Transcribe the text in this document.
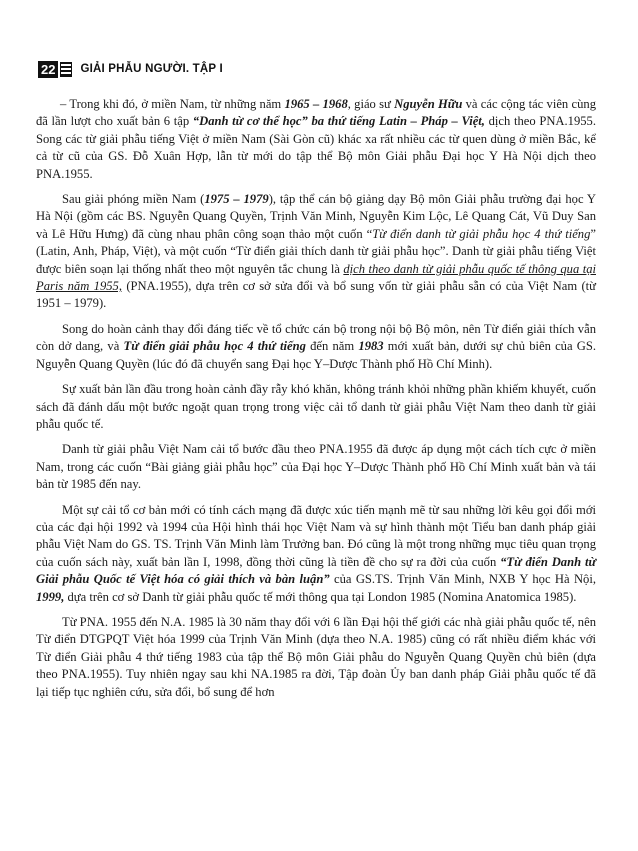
22 GIẢI PHẪU NGƯỜI. TẬP I

– Trong khi đó, ở miền Nam, từ những năm 1965 – 1968, giáo sư Nguyễn Hữu và các cộng tác viên cùng đã lần lượt cho xuất bản 6 tập “Danh từ cơ thể học” ba thứ tiếng Latin – Pháp – Việt, dịch theo PNA.1955. Song các từ giải phẫu tiếng Việt ở miền Nam (Sài Gòn cũ) khác xa rất nhiều các từ quen dùng ở miền Bắc, kể cả từ cũ của GS. Đỗ Xuân Hợp, lẫn từ mới do tập thể Bộ môn Giải phẫu Đại học Y Hà Nội dịch theo PNA.1955.

Sau giải phóng miền Nam (1975 – 1979), tập thể cán bộ giảng dạy Bộ môn Giải phẫu trường đại học Y Hà Nội (gồm các BS. Nguyễn Quang Quyền, Trịnh Văn Minh, Nguyễn Kim Lộc, Lê Quang Cát, Vũ Duy San và Lê Hữu Hưng) đã cùng nhau phân công soạn thảo một cuốn “Từ điển danh từ giải phẫu học 4 thứ tiếng” (Latin, Anh, Pháp, Việt), và một cuốn “Từ điển giải thích danh từ giải phẫu học”. Danh từ giải phẫu tiếng Việt được biên soạn lại thống nhất theo một nguyên tắc chung là dịch theo danh từ giải phẫu quốc tế thông qua tại Paris năm 1955, (PNA.1955), dựa trên cơ sở sửa đổi và bổ sung vốn từ giải phẫu sẵn có của Việt Nam (từ 1951 – 1979).

Song do hoàn cảnh thay đổi đáng tiếc về tổ chức cán bộ trong nội bộ Bộ môn, nên Từ điển giải thích vẫn còn dở dang, và Từ điển giải phẫu học 4 thứ tiếng đến năm 1983 mới xuất bản, dưới sự chủ biên của GS. Nguyễn Quang Quyền (lúc đó đã chuyển sang Đại học Y–Dược Thành phố Hồ Chí Minh).

Sự xuất bản lần đầu trong hoàn cảnh đầy rẫy khó khăn, không tránh khỏi những phần khiếm khuyết, cuốn sách đã đánh dấu một bước ngoặt quan trọng trong việc cải tổ danh từ giải phẫu Việt Nam theo danh từ giải phẫu quốc tế.

Danh từ giải phẫu Việt Nam cải tổ bước đầu theo PNA.1955 đã được áp dụng một cách tích cực ở miền Nam, trong các cuốn “Bài giảng giải phẫu học” của Đại học Y–Dược Thành phố Hồ Chí Minh xuất bản và tái bản từ 1985 đến nay.

Một sự cải tổ cơ bản mới có tính cách mạng đã được xúc tiến mạnh mẽ từ sau những lời kêu gọi đổi mới của các đại hội 1992 và 1994 của Hội hình thái học Việt Nam và sự hình thành một Tiểu ban danh pháp giải phẫu Việt Nam do GS. TS. Trịnh Văn Minh làm Trưởng ban. Đó cũng là một trong những mục tiêu quan trọng của cuốn sách này, xuất bản lần I, 1998, đồng thời cũng là tiền đề cho sự ra đời của cuốn “Từ điển Danh từ Giải phẫu Quốc tế Việt hóa có giải thích và bàn luận” của GS.TS. Trịnh Văn Minh, NXB Y học Hà Nội, 1999, dựa trên cơ sở Danh từ giải phẫu quốc tế mới thông qua tại London 1985 (Nomina Anatomica 1985).

Từ PNA. 1955 đến N.A. 1985 là 30 năm thay đổi với 6 lần Đại hội thế giới các nhà giải phẫu quốc tế, nên Từ điển DTGPQT Việt hóa 1999 của Trịnh Văn Minh (dựa theo N.A. 1985) cũng có rất nhiều điểm khác với Từ điển Giải phẫu 4 thứ tiếng 1983 của tập thể Bộ môn Giải phẫu do Nguyễn Quang Quyền chủ biên (dựa theo PNA.1955). Tuy nhiên ngay sau khi NA.1985 ra đời, Tập đoàn Ủy ban danh pháp Giải phẫu quốc tế đã lại tiếp tục nghiên cứu, sửa đổi, bổ sung để hơn
